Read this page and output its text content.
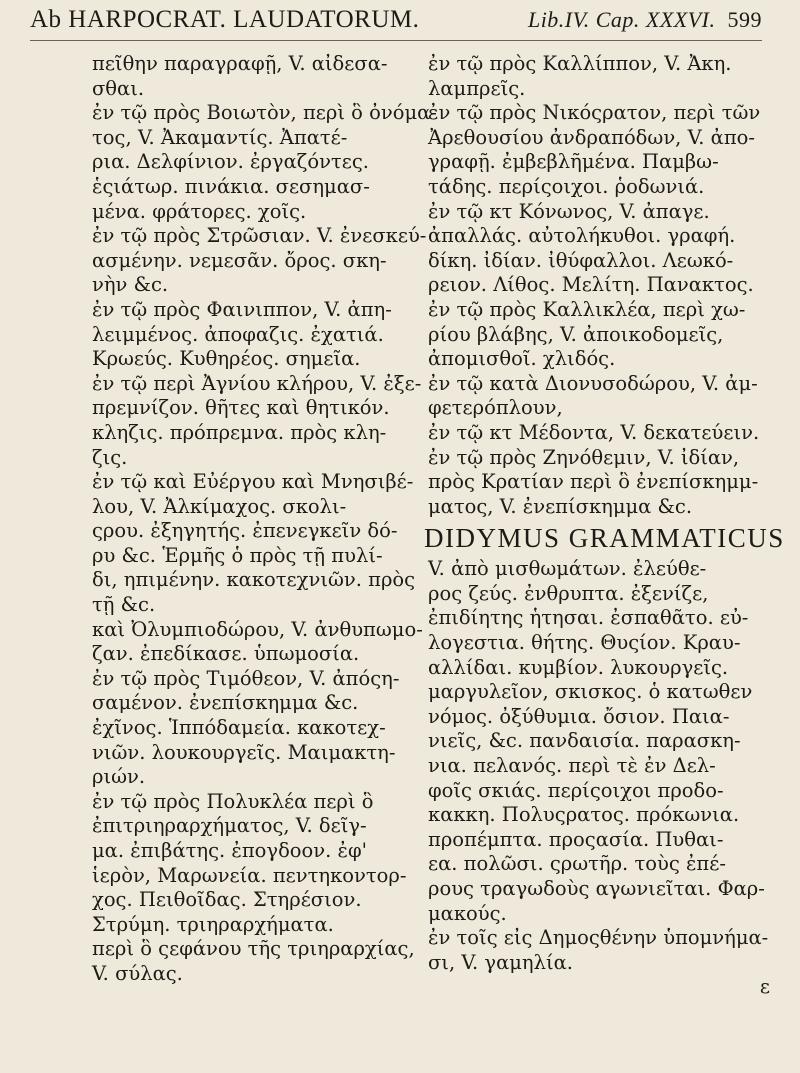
Ab HARPOCRAT. LAUDATORUM.	Lib.IV. Cap. XXXVI. 599
πεῖθην παραγραφῇ, V. αἰδεσα-
σθαι.
ἐν τῷ πρὸς Βοιωτὸν, περὶ ὃ ὀνόμα-
τος, V. Ἀκαμαντίς. Ἀπατέ-
ρια. Δελφίνιον. ἐργαζόντες.
ἑςιάτωρ. πινάκια. σεσημασ-
μένα. φράτορες. χοῖς.
ἐν τῷ πρὸς Στρῶσιαν. V. ἐνεσκεύ-
ασμένην. νεμεσᾶν. ὄρος. σκη-
νὴν &c.
ἐν τῷ πρὸς Φαινιππον, V. ἀπη-
λειμμένος. ἀποφαζις. ἐχατιά.
Κρωεύς. Κυθηρέος. σημεῖα.
ἐν τῷ περὶ Ἀγνίου κλήρου, V. ἐξε-
πρεμνίζον. θῆτες καὶ θητικόν.
κληζις. πρόπρεμνα. πρὸς κλη-
ζις.
ἐν τῷ καὶ Εὐέργου καὶ Μνησιβέ-
λου, V. Ἀλκίμαχος. σκολι-
ςρου. ἐξηγητής. ἐπενεγκεῖν δό-
ρυ &c. Ἑρμῆς ὁ πρὸς τῇ πυλί-
δι, ηπιμένην. κακοτεχνιῶν. πρὸς
τῇ &c.
καὶ Ὀλυμπιοδώρου, V. ἀνθυπωμο-
ζαν. ἐπεδίκασε. ὑπωμοσία.
ἐν τῷ πρὸς Τιμόθεον, V. ἀπόςη-
σαμένον. ἐνεπίσκημμα &c.
ἐχῖνος. Ἱππόδαμεία. κακοτεχ-
νιῶν. λουκουργεῖς. Μαιμακτη-
ριών.
ἐν τῷ πρὸς Πολυκλέα περὶ ὃ
ἐπιτριηραρχήματος, V. δεῖγ-
μα. ἐπιβάτης. ἐπογδοον. ἐφ'
ἱερὸν, Μαρωνεία. πεντηκοντορ-
χος. Πειθοῖδας. Στηρέσιον.
Στρύμη. τριηραρχήματα.
περὶ ὃ ςεφάνου τῆς τριηραρχίας,
V. σύλας.
ἐν τῷ πρὸς Καλλίππον, V. Ἀκη.
λαμπρεῖς.
ἐν τῷ πρὸς Νικόςρατον, περὶ τῶν
Ἀρεθουσίου ἀνδραπόδων, V. ἀπο-
γραφῇ. ἐμβεβλῆμένα. Παμβω-
τάδης. περίςοιχοι. ῥοδωνιά.
ἐν τῷ κτ Κόνωνος, V. ἀπαγε.
ἀπαλλάς. αὐτολήκυθοι. γραφή.
δίκη. ἰδίαν. ἰθύφαλλοι. Λεωκό-
ρειον. Λίθος. Μελίτη. Πανακτος.
ἐν τῷ πρὸς Καλλικλέα, περὶ χω-
ρίου βλάβης, V. ἀποικοδομεῖς,
ἀπομισθοῖ. χλιδός.
ἐν τῷ κατὰ Διονυσοδώρου, V. ἀμ-
φετερόπλουν,
ἐν τῷ κτ Μέδοντα, V. δεκατεύειν.
ἐν τῷ πρὸς Ζηνόθεμιν, V. ἰδίαν,
πρὸς Κρατίαν περὶ ὃ ἐνεπίσκημμ-
ματος, V. ἐνεπίσκημμα &c.
DIDYMUS GRAMMATICUS
V. ἀπὸ μισθωμάτων. ἐλεύθε-
ρος ζεύς. ἐνθρυπτα. ἐξενίζε,
ἐπιδίητης ἡτησαι. ἐσπαθᾶτο. εὐ-
λογεστια. θήτης. Θυςίον. Κραυ-
αλλίδαι. κυμβίον. λυκουργεῖς.
μαργυλεῖον, σκισκος. ὁ κατωθεν
νόμος. ὀξύθυμια. ὄσιον. Παια-
νιεῖς, &c. πανδαισία. παρασκη-
νια. πελανός. περὶ τὲ ἐν Δελ-
φοῖς σκιάς. περίςοιχοι προδο-
κακκη. Πολυςρατος. πρόκωνια.
προπέμπτα. προςασία. Πυθαι-
εα. πολῶσι. ςρωτῆρ. τοὺς ἐπέ-
ρους τραγωδοὺς αγωνιεῖται. Φαρ-
μακούς.
ἐν τοῖς εἰς Δημοςθένην ὑπομνήμα-
σι, V. γαμηλία.
ε
